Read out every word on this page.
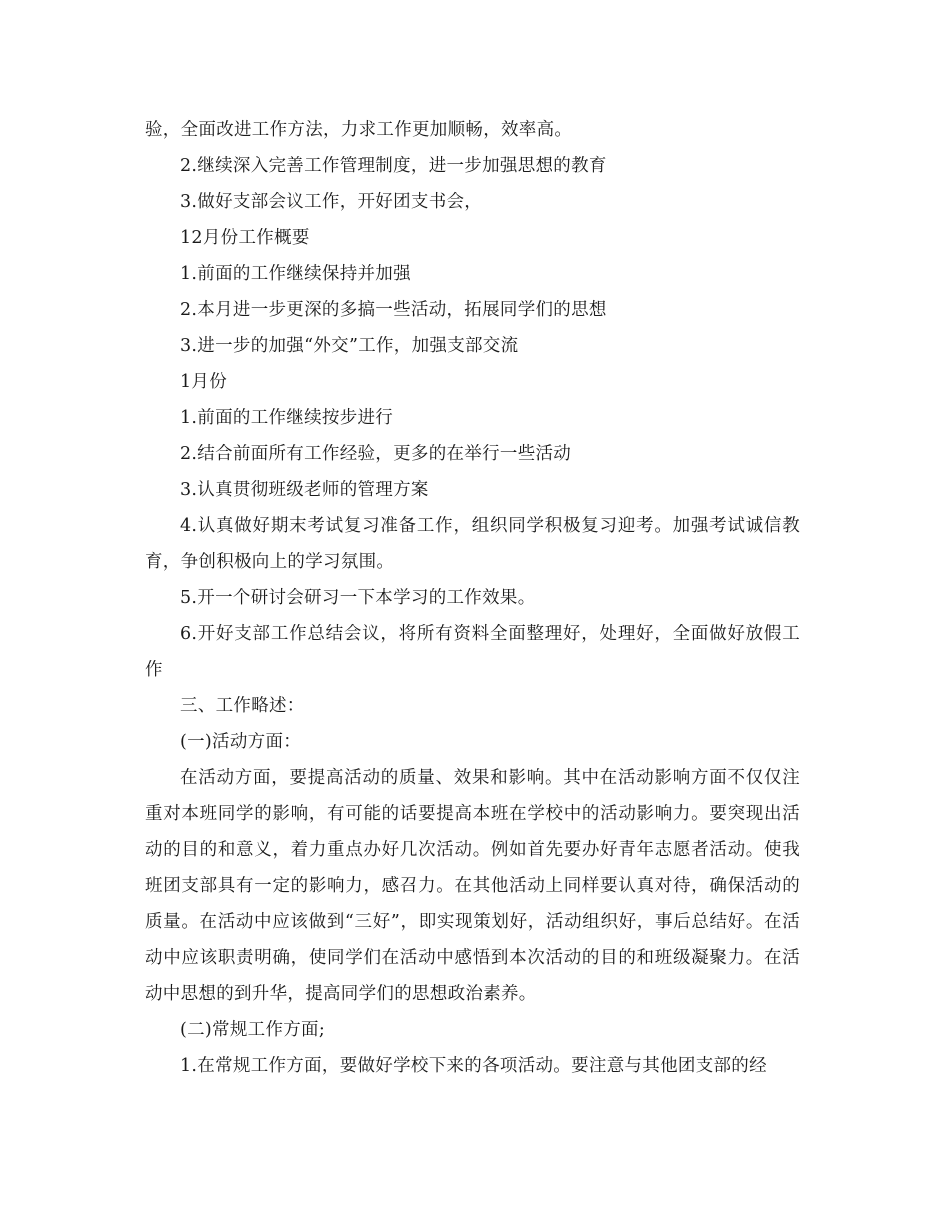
验，全面改进工作方法，力求工作更加顺畅，效率高。

2.继续深入完善工作管理制度，进一步加强思想的教育

3.做好支部会议工作，开好团支书会，

12月份工作概要

1.前面的工作继续保持并加强

2.本月进一步更深的多搞一些活动，拓展同学们的思想

3.进一步的加强“外交”工作，加强支部交流

1月份

1.前面的工作继续按步进行

2.结合前面所有工作经验，更多的在举行一些活动

3.认真贯彻班级老师的管理方案

4.认真做好期末考试复习准备工作，组织同学积极复习迎考。加强考试诚信教育，争创积极向上的学习氛围。

5.开一个研讨会研习一下本学习的工作效果。

6.开好支部工作总结会议，将所有资料全面整理好，处理好，全面做好放假工作

三、工作略述：

(一)活动方面：

在活动方面，要提高活动的质量、效果和影响。其中在活动影响方面不仅仅注重对本班同学的影响，有可能的话要提高本班在学校中的活动影响力。要突现出活动的目的和意义，着力重点办好几次活动。例如首先要办好青年志愿者活动。使我班团支部具有一定的影响力，感召力。在其他活动上同样要认真对待，确保活动的质量。在活动中应该做到“三好”，即实现策划好，活动组织好，事后总结好。在活动中应该职责明确，使同学们在活动中感悟到本次活动的目的和班级凝聚力。在活动中思想的到升华，提高同学们的思想政治素养。

(二)常规工作方面;

1.在常规工作方面，要做好学校下来的各项活动。要注意与其他团支部的经
